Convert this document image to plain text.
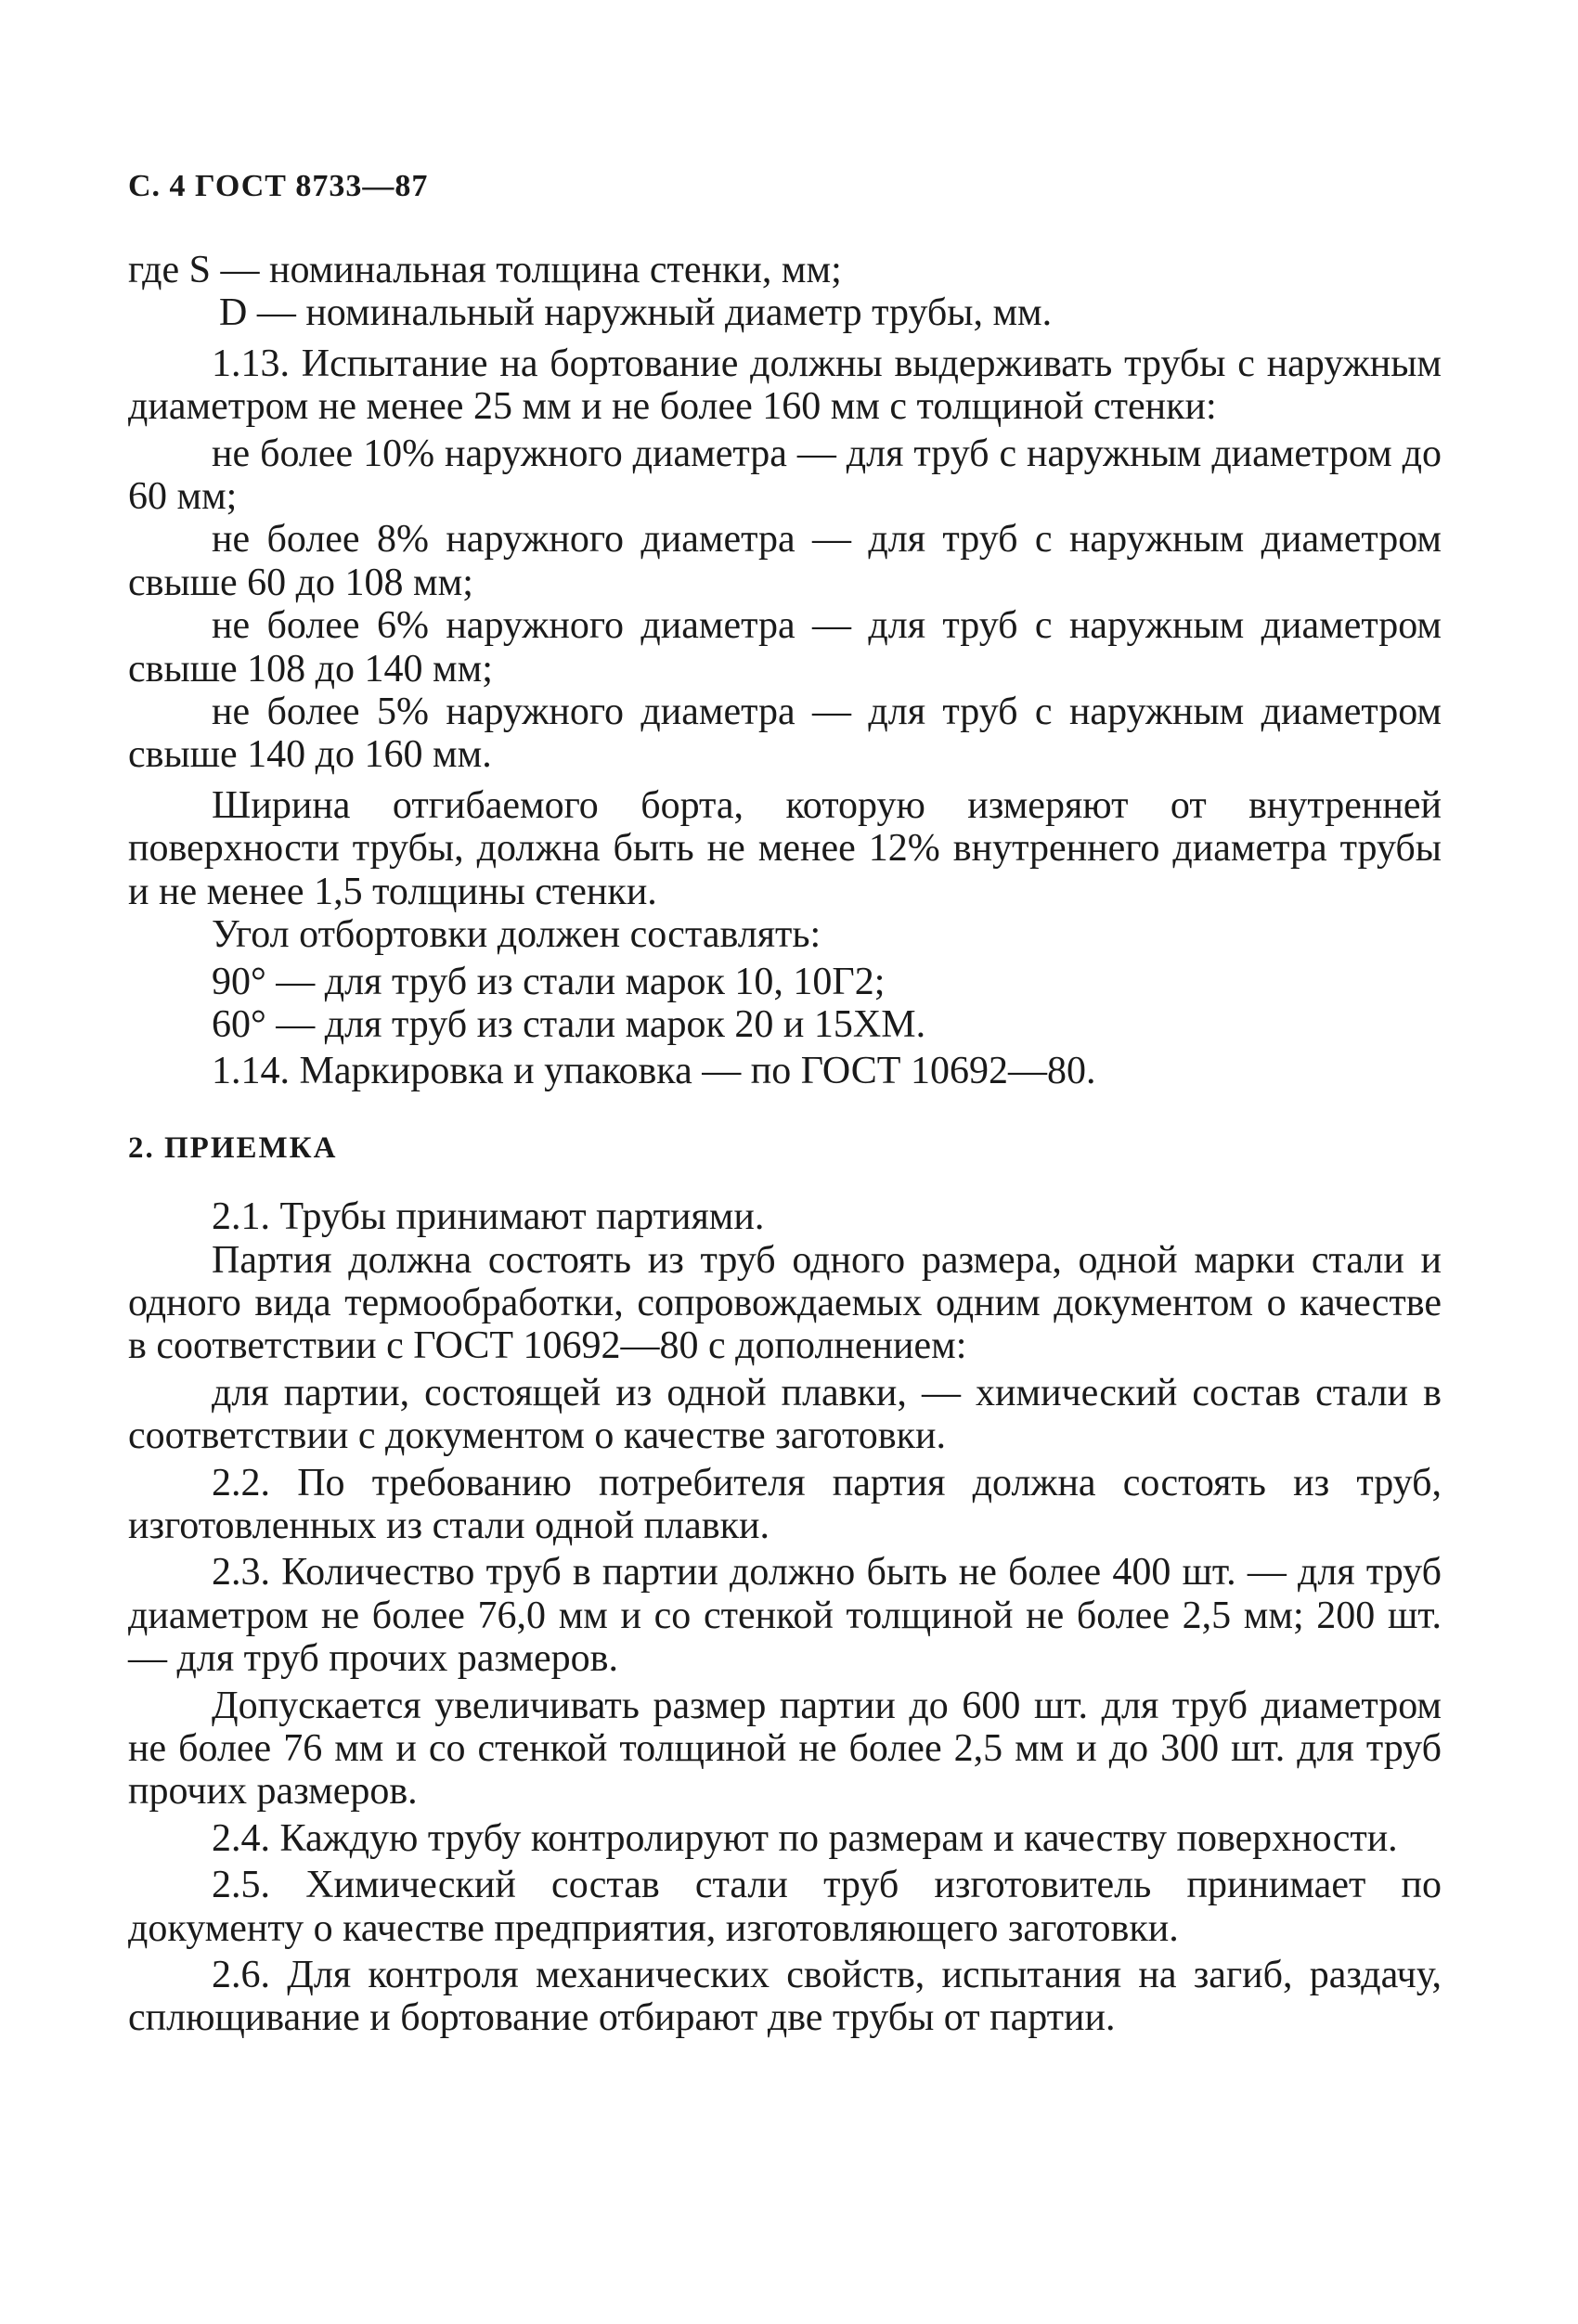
С. 4 ГОСТ 8733—87

где S — номинальная толщина стенки, мм;

D — номинальный наружный диаметр трубы, мм.

1.13. Испытание на бортование должны выдерживать трубы с наружным диаметром не менее 25 мм и не более 160 мм с толщиной стенки:

не более 10% наружного диаметра — для труб с наружным диаметром до 60 мм;

не более 8% наружного диаметра — для труб с наружным диаметром свыше 60 до 108 мм;

не более 6% наружного диаметра — для труб с наружным диаметром свыше 108 до 140 мм;

не более 5% наружного диаметра — для труб с наружным диаметром свыше 140 до 160 мм.

Ширина отгибаемого борта, которую измеряют от внутренней поверхности трубы, должна быть не менее 12% внутреннего диаметра трубы и не менее 1,5 толщины стенки.

Угол отбортовки должен составлять:

90° — для труб из стали марок 10, 10Г2;

60° — для труб из стали марок 20 и 15ХМ.

1.14. Маркировка и упаковка — по ГОСТ 10692—80.

2. ПРИЕМКА

2.1. Трубы принимают партиями.

Партия должна состоять из труб одного размера, одной марки стали и одного вида термообработки, сопровождаемых одним документом о качестве в соответствии с ГОСТ 10692—80 с дополнением:

для партии, состоящей из одной плавки, — химический состав стали в соответствии с документом о качестве заготовки.

2.2. По требованию потребителя партия должна состоять из труб, изготовленных из стали одной плавки.

2.3. Количество труб в партии должно быть не более 400 шт. — для труб диаметром не более 76,0 мм и со стенкой толщиной не более 2,5 мм; 200 шт. — для труб прочих размеров.

Допускается увеличивать размер партии до 600 шт. для труб диаметром не более 76 мм и со стенкой толщиной не более 2,5 мм и до 300 шт. для труб прочих размеров.

2.4. Каждую трубу контролируют по размерам и качеству поверхности.

2.5. Химический состав стали труб изготовитель принимает по документу о качестве предприятия, изготовляющего заготовки.

2.6. Для контроля механических свойств, испытания на загиб, раздачу, сплющивание и бортование отбирают две трубы от партии.
